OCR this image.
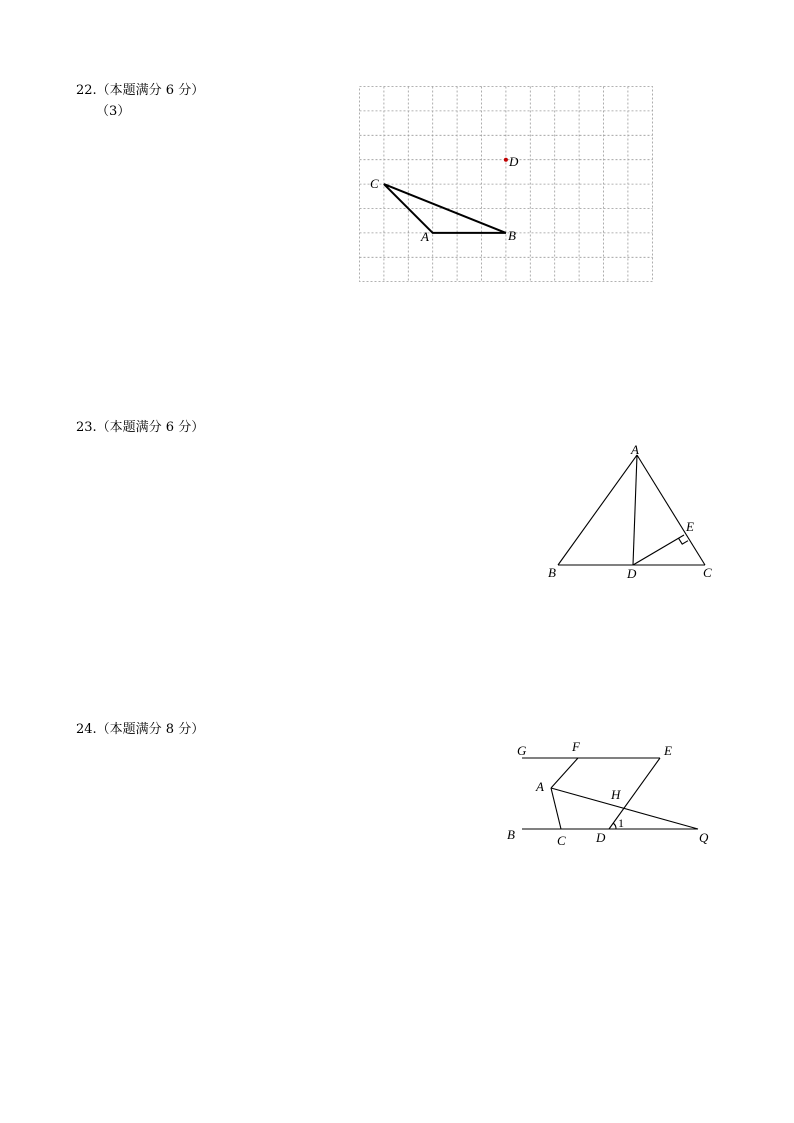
22.（本题满分 6 分）
（3）
C
A	B
D
23.（本题满分 6 分）
A
B	C
D
E
24.（本题满分 8 分）
G	F	E
A
H
B	C D	Q
1
